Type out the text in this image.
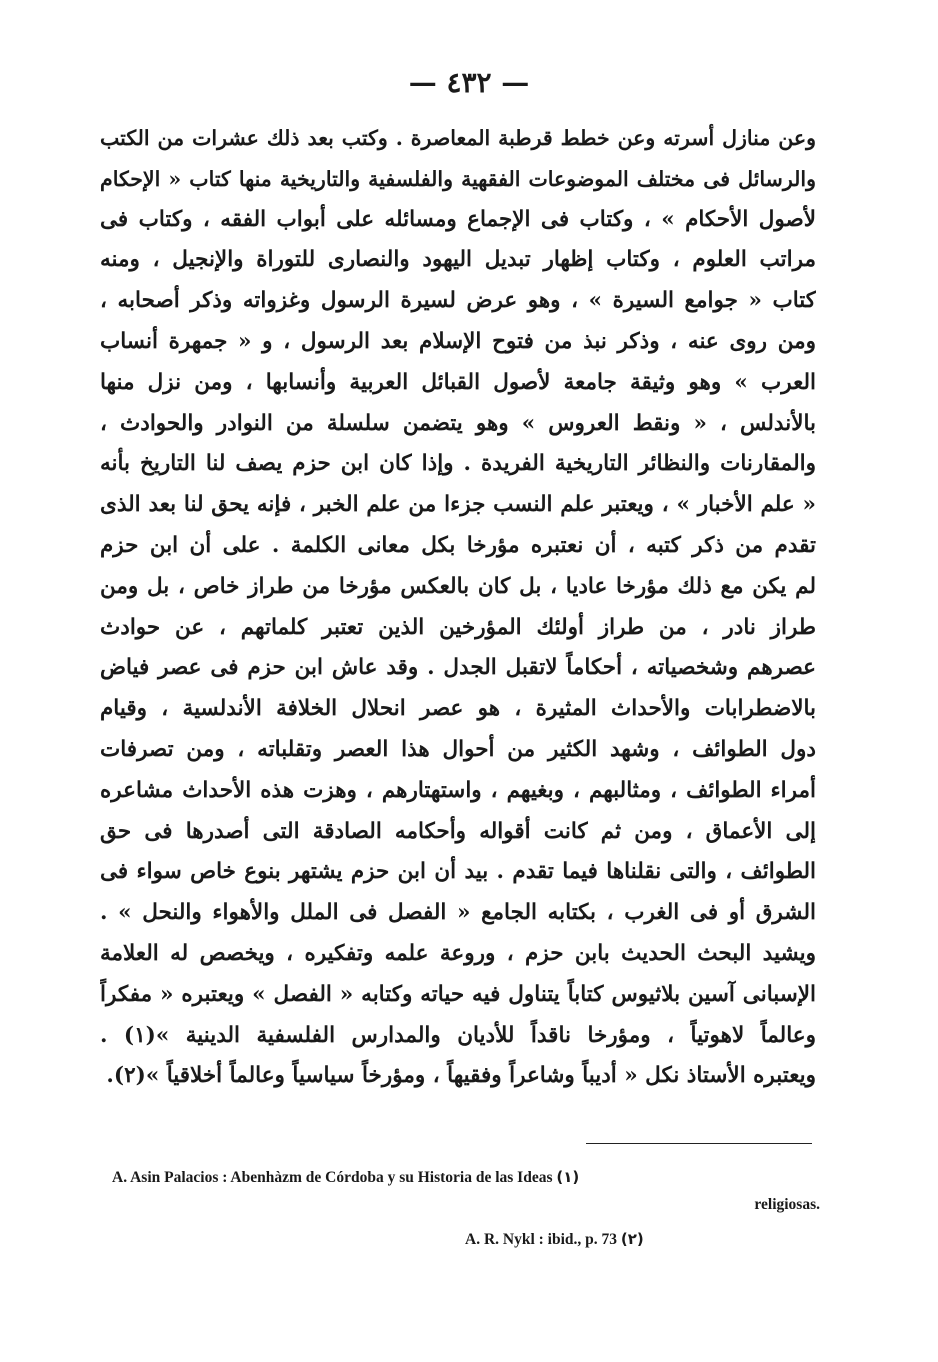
— ٤٣٢ —
وعن منازل أسرته وعن خطط قرطبة المعاصرة . وكتب بعد ذلك عشرات من الكتب
والرسائل فى مختلف الموضوعات الفقهية والفلسفية والتاريخية منها كتاب « الإحكام
لأصول الأحكام » ، وكتاب فى الإجماع ومسائله على أبواب الفقه ، وكتاب فى
مراتب العلوم ، وكتاب إظهار تبديل اليهود والنصارى للتوراة والإنجيل ، ومنه
كتاب « جوامع السيرة » ، وهو عرض لسيرة الرسول وغزواته وذكر أصحابه ،
ومن روى عنه ، وذكر نبذ من فتوح الإسلام بعد الرسول ، و « جمهرة أنساب
العرب » وهو وثيقة جامعة لأصول القبائل العربية وأنسابها ، ومن نزل منها
بالأندلس ، « ونقط العروس » وهو يتضمن سلسلة من النوادر والحوادث ،
والمقارنات والنظائر التاريخية الفريدة . وإذا كان ابن حزم يصف لنا التاريخ بأنه
« علم الأخبار » ، ويعتبر علم النسب جزءا من علم الخبر ، فإنه يحق لنا بعد الذى
تقدم من ذكر كتبه ، أن نعتبره مؤرخا بكل معانى الكلمة . على أن ابن حزم
لم يكن مع ذلك مؤرخا عاديا ، بل كان بالعكس مؤرخا من طراز خاص ، بل ومن
طراز نادر ، من طراز أولئك المؤرخين الذين تعتبر كلماتهم ، عن حوادث
عصرهم وشخصياته ، أحكاماً لاتقبل الجدل . وقد عاش ابن حزم فى عصر فياض
بالاضطرابات والأحداث المثيرة ، هو عصر انحلال الخلافة الأندلسية ، وقيام
دول الطوائف ، وشهد الكثير من أحوال هذا العصر وتقلباته ، ومن تصرفات
أمراء الطوائف ، ومثالبهم ، وبغيهم ، واستهتارهم ، وهزت هذه الأحداث مشاعره
إلى الأعماق ، ومن ثم كانت أقواله وأحكامه الصادقة التى أصدرها فى حق
الطوائف ، والتى نقلناها فيما تقدم . بيد أن ابن حزم يشتهر بنوع خاص سواء فى
الشرق أو فى الغرب ، بكتابه الجامع « الفصل فى الملل والأهواء والنحل » .
ويشيد البحث الحديث بابن حزم ، وروعة علمه وتفكيره ، ويخصص له العلامة
الإسبانى آسين بلاثيوس كتاباً يتناول فيه حياته وكتابه « الفصل » ويعتبره « مفكراً
وعالماً لاهوتياً ، ومؤرخا ناقداً للأديان والمدارس الفلسفية الدينية »(١) .
ويعتبره الأستاذ نكل « أديباً وشاعراً وفقيهاً ، ومؤرخاً سياسياً وعالماً أخلاقياً »(٢).
A. Asin Palacios : Abenhàzm de Córdoba y su Historia de las Ideas (١)
religiosas.
A. R. Nykl : ibid., p. 73 (٢)
